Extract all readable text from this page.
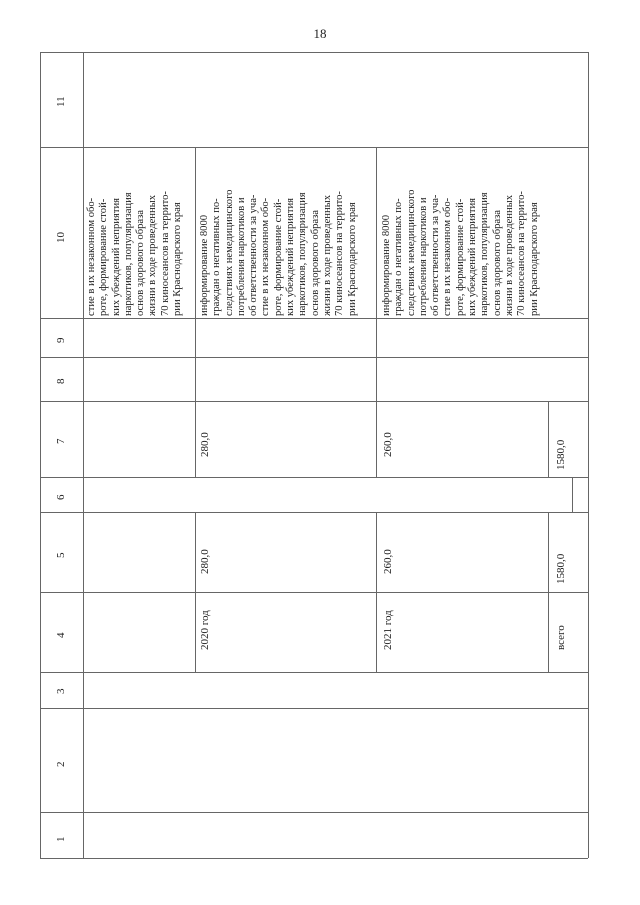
18
1
2
3
4
5
6
7
8
9
10
11
стие в их незаконном обо-
роте, формирование стой-
ких убеждений неприятия
наркотиков, популяризация
основ здорового образа
жизни в ходе проведенных
70 киносеансов на террито-
рии Краснодарского края
2020 год
280,0
280,0
информирование 8000
граждан о негативных по-
следствиях немедицинского
потребления наркотиков и
об ответственности за уча-
стие в их незаконном обо-
роте, формирование стой-
ких убеждений неприятия
наркотиков, популяризация
основ здорового образа
жизни в ходе проведенных
70 киносеансов на террито-
рии Краснодарского края
2021 год
260,0
260,0
информирование 8000
граждан о негативных по-
следствиях немедицинского
потребления наркотиков и
об ответственности за уча-
стие в их незаконном обо-
роте, формирование стой-
ких убеждений неприятия
наркотиков, популяризация
основ здорового образа
жизни в ходе проведенных
70 киносеансов на террито-
рии Краснодарского края
всего
1580,0
1580,0
